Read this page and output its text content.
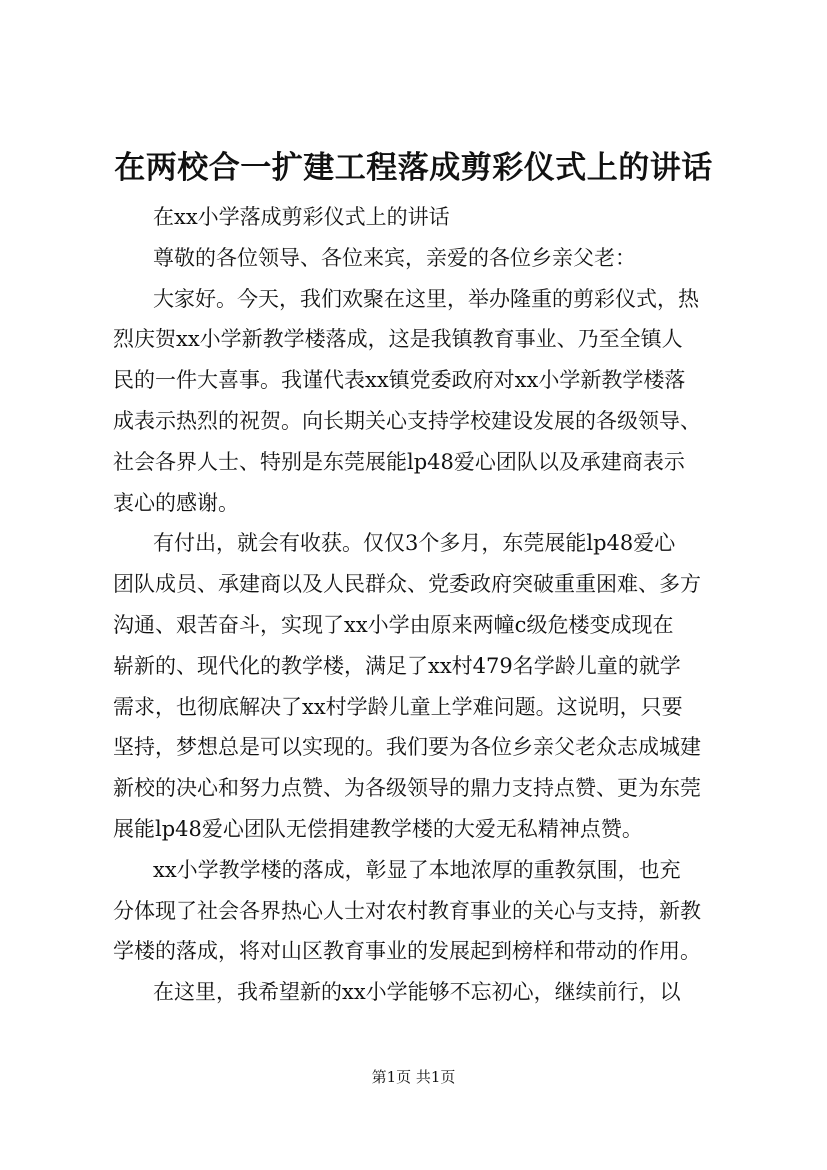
在两校合一扩建工程落成剪彩仪式上的讲话
在xx小学落成剪彩仪式上的讲话
尊敬的各位领导、各位来宾，亲爱的各位乡亲父老：
大家好。今天，我们欢聚在这里，举办隆重的剪彩仪式，热
烈庆贺xx小学新教学楼落成，这是我镇教育事业、乃至全镇人
民的一件大喜事。我谨代表xx镇党委政府对xx小学新教学楼落
成表示热烈的祝贺。向长期关心支持学校建设发展的各级领导、
社会各界人士、特别是东莞展能lp48爱心团队以及承建商表示
衷心的感谢。
有付出，就会有收获。仅仅3个多月，东莞展能lp48爱心
团队成员、承建商以及人民群众、党委政府突破重重困难、多方
沟通、艰苦奋斗，实现了xx小学由原来两幢c级危楼变成现在
崭新的、现代化的教学楼，满足了xx村479名学龄儿童的就学
需求，也彻底解决了xx村学龄儿童上学难问题。这说明，只要
坚持，梦想总是可以实现的。我们要为各位乡亲父老众志成城建
新校的决心和努力点赞、为各级领导的鼎力支持点赞、更为东莞
展能lp48爱心团队无偿捐建教学楼的大爱无私精神点赞。
xx小学教学楼的落成，彰显了本地浓厚的重教氛围，也充
分体现了社会各界热心人士对农村教育事业的关心与支持，新教
学楼的落成，将对山区教育事业的发展起到榜样和带动的作用。
在这里，我希望新的xx小学能够不忘初心，继续前行，以
第1页 共1页
